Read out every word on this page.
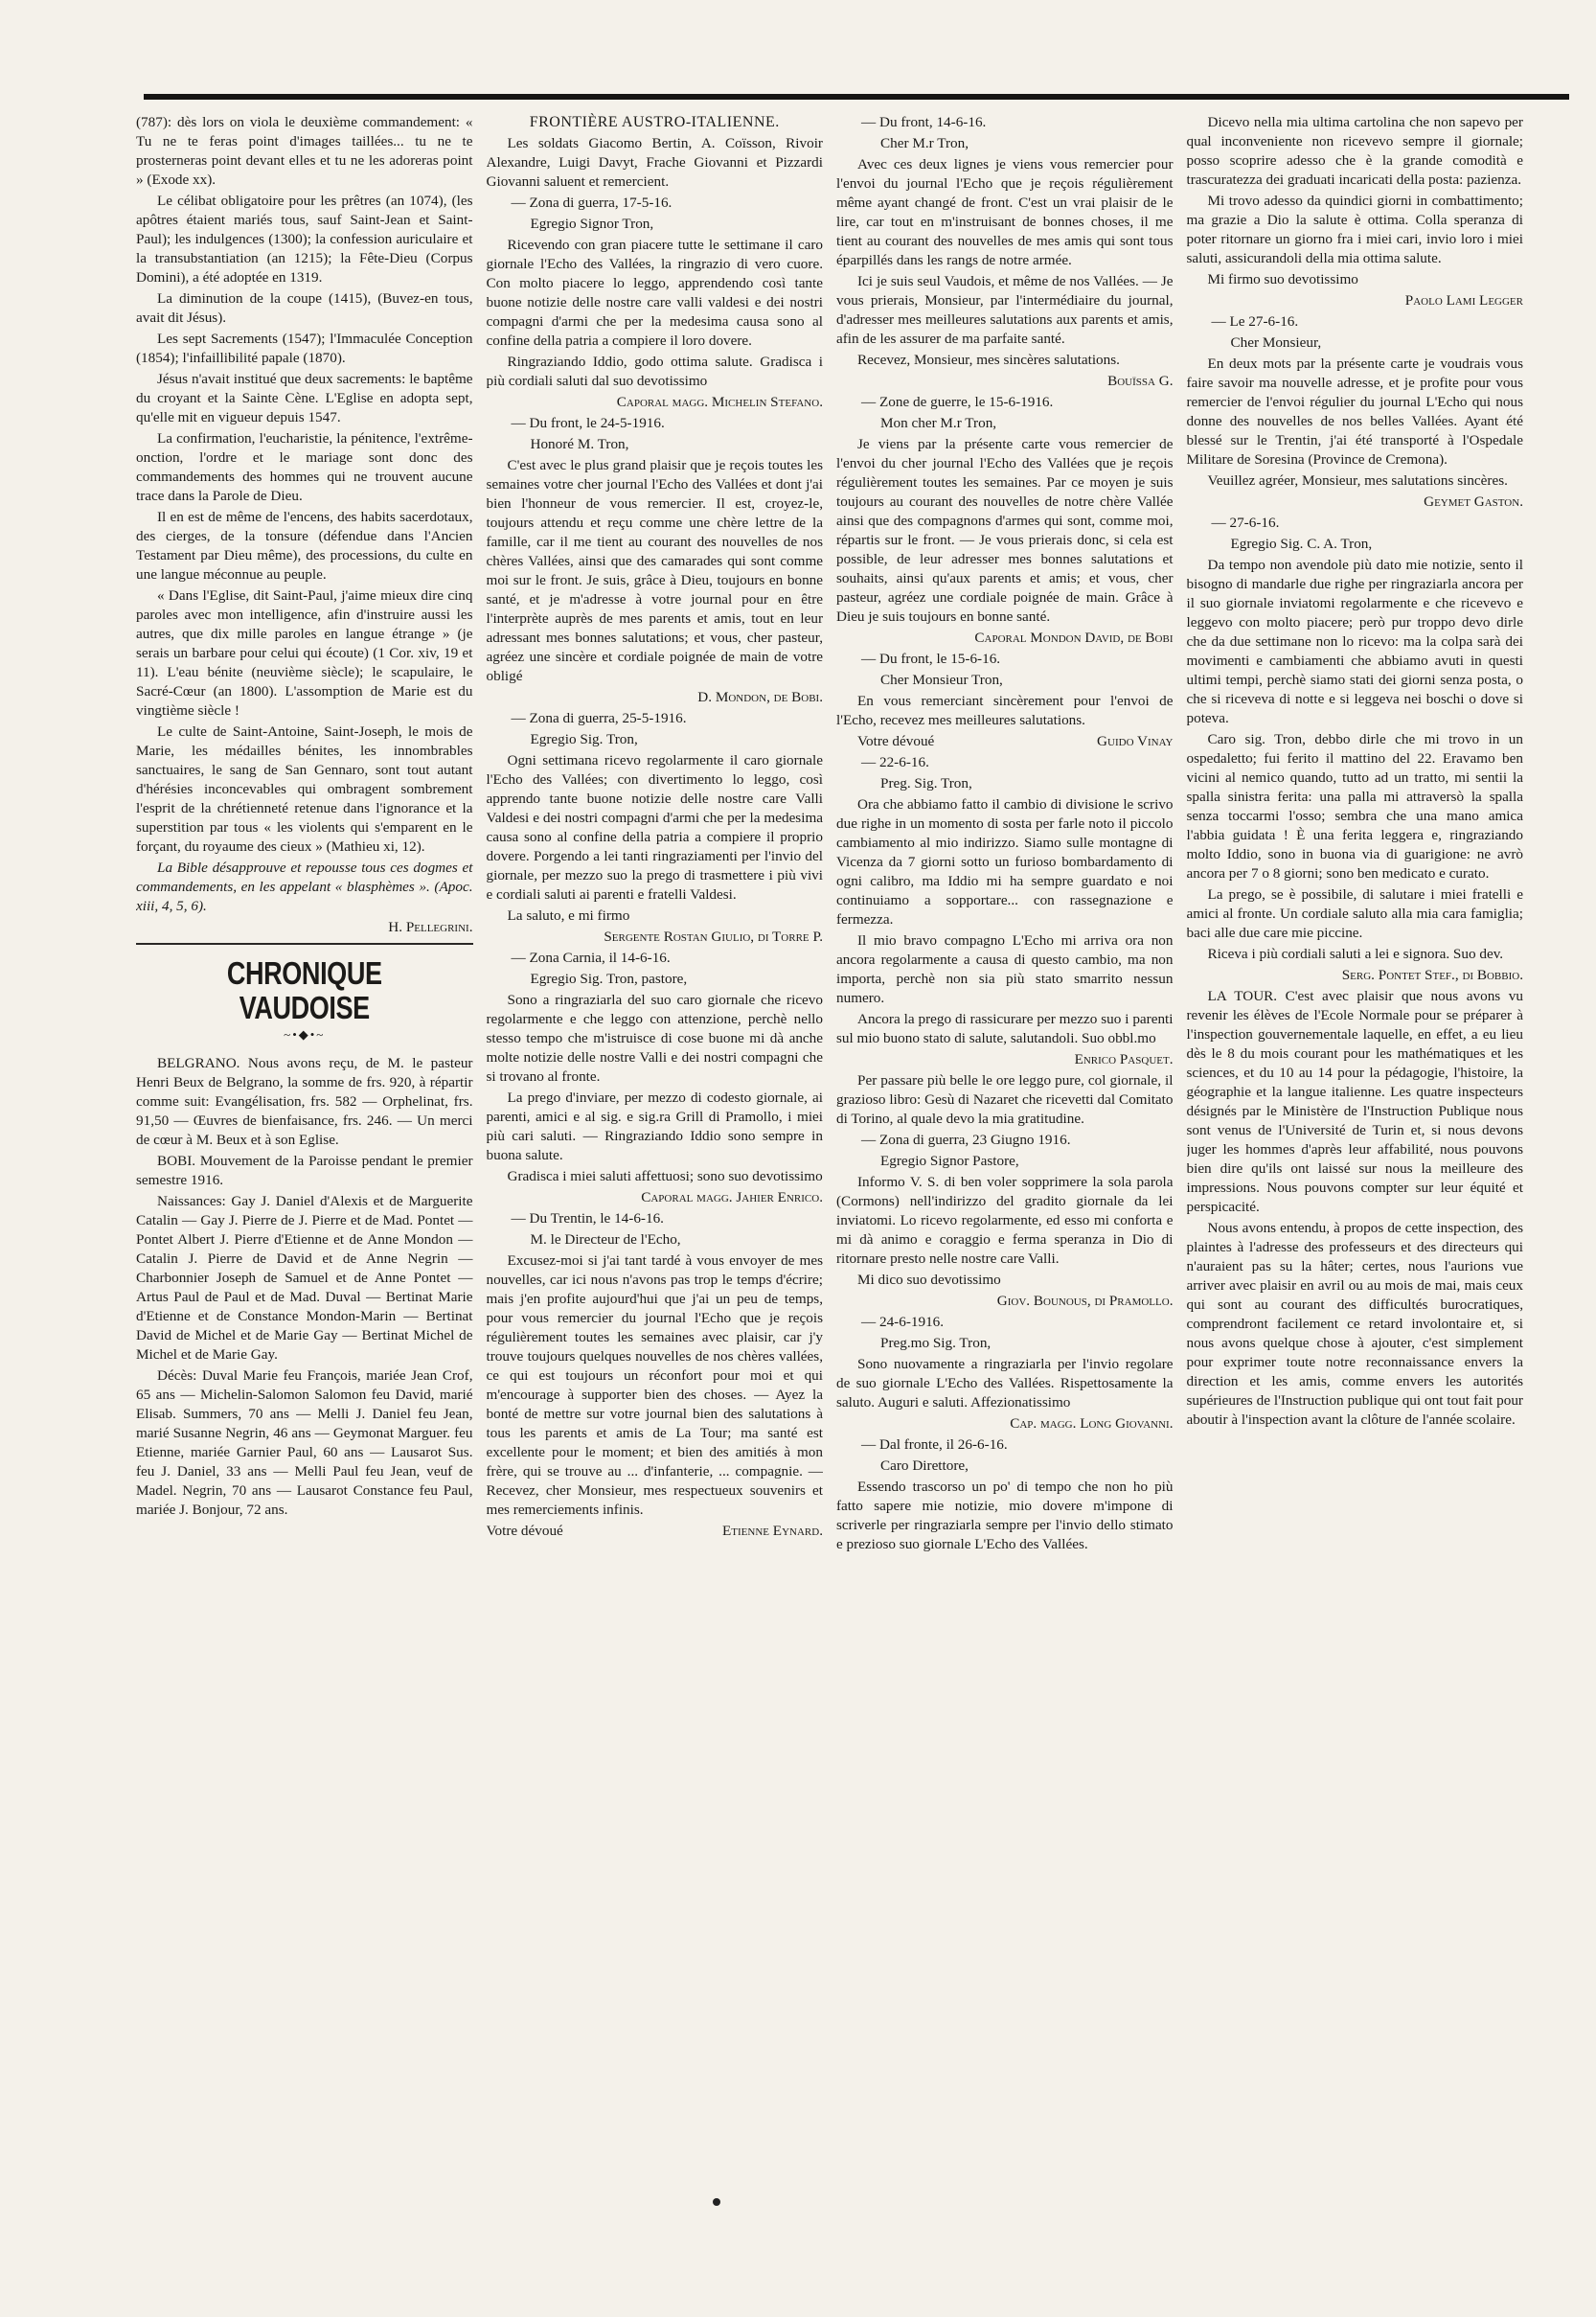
(787): dès lors on viola le deuxième commandement: « Tu ne te feras point d'images taillées... tu ne te prosterneras point devant elles et tu ne les adoreras point » (Exode xx).

Le célibat obligatoire pour les prêtres (an 1074), (les apôtres étaient mariés tous, sauf Saint-Jean et Saint-Paul); les indulgences (1300); la confession auriculaire et la transubstantiation (an 1215); la Fête-Dieu (Corpus Domini), a été adoptée en 1319.

La diminution de la coupe (1415), (Buvez-en tous, avait dit Jésus).

Les sept Sacrements (1547); l'Immaculée Conception (1854); l'infaillibilité papale (1870).

Jésus n'avait institué que deux sacrements: le baptême du croyant et la Sainte Cène. L'Eglise en adopta sept, qu'elle mit en vigueur depuis 1547.

La confirmation, l'eucharistie, la pénitence, l'extrême-onction, l'ordre et le mariage sont donc des commandements des hommes qui ne trouvent aucune trace dans la Parole de Dieu.

Il en est de même de l'encens, des habits sacerdotaux, des cierges, de la tonsure (défendue dans l'Ancien Testament par Dieu même), des processions, du culte en une langue méconnue au peuple.

« Dans l'Eglise, dit Saint-Paul, j'aime mieux dire cinq paroles avec mon intelligence, afin d'instruire aussi les autres, que dix mille paroles en langue étrange » (je serais un barbare pour celui qui écoute) (1 Cor. xiv, 19 et 11). L'eau bénite (neuvième siècle); le scapulaire, le Sacré-Cœur (an 1800). L'assomption de Marie est du vingtième siècle !

Le culte de Saint-Antoine, Saint-Joseph, le mois de Marie, les médailles bénites, les innombrables sanctuaires, le sang de San Gennaro, sont tout autant d'hérésies inconcevables qui ombragent sombrement l'esprit de la chrétienneté retenue dans l'ignorance et la superstition par tous « les violents qui s'emparent en le forçant, du royaume des cieux » (Mathieu xi, 12).

La Bible désapprouve et repousse tous ces dogmes et commandements, en les appelant « blasphèmes ». (Apoc. xiii, 4, 5, 6).

H. Pellegrini.

CHRONIQUE VAUDOISE
~•◆•~

BELGRANO. Nous avons reçu, de M. le pasteur Henri Beux de Belgrano, la somme de frs. 920, à répartir comme suit: Evangélisation, frs. 582 — Orphelinat, frs. 91,50 — Œuvres de bienfaisance, frs. 246. — Un merci de cœur à M. Beux et à son Eglise.

BOBI. Mouvement de la Paroisse pendant le premier semestre 1916.

Naissances: Gay J. Daniel d'Alexis et de Marguerite Catalin — Gay J. Pierre de J. Pierre et de Mad. Pontet — Pontet Albert J. Pierre d'Etienne et de Anne Mondon — Catalin J. Pierre de David et de Anne Negrin — Charbonnier Joseph de Samuel et de Anne Pontet — Artus Paul de Paul et de Mad. Duval — Bertinat Marie d'Etienne et de Constance Mondon-Marin — Bertinat David de Michel et de Marie Gay — Bertinat Michel de Michel et de Marie Gay.

Décès: Duval Marie feu François, mariée Jean Crof, 65 ans — Michelin-Salomon Salomon feu David, marié Elisab. Summers, 70 ans — Melli J. Daniel feu Jean, marié Susanne Negrin, 46 ans — Geymonat Marguer. feu Etienne, mariée Garnier Paul, 60 ans — Lausarot Sus. feu J. Daniel, 33 ans — Melli Paul feu Jean, veuf de Madel. Negrin, 70 ans — Lausarot Constance feu Paul, mariée J. Bonjour, 72 ans.

FRONTIÈRE AUSTRO-ITALIENNE.

Les soldats Giacomo Bertin, A. Coïsson, Rivoir Alexandre, Luigi Davyt, Frache Giovanni et Pizzardi Giovanni saluent et remercient.

— Zona di guerra, 17-5-16.

Egregio Signor Tron,

Ricevendo con gran piacere tutte le settimane il caro giornale l'Echo des Vallées, la ringrazio di vero cuore. Con molto piacere lo leggo, apprendendo così tante buone notizie delle nostre care valli valdesi e dei nostri compagni d'armi che per la medesima causa sono al confine della patria a compiere il loro dovere.

Ringraziando Iddio, godo ottima salute. Gradisca i più cordiali saluti dal suo devotissimo

Caporal magg. Michelin Stefano.

— Du front, le 24-5-1916.

Honoré M. Tron,

C'est avec le plus grand plaisir que je reçois toutes les semaines votre cher journal l'Echo des Vallées et dont j'ai bien l'honneur de vous remercier. Il est, croyez-le, toujours attendu et reçu comme une chère lettre de la famille, car il me tient au courant des nouvelles de nos chères Vallées, ainsi que des camarades qui sont comme moi sur le front. Je suis, grâce à Dieu, toujours en bonne santé, et je m'adresse à votre journal pour en être l'interprète auprès de mes parents et amis, tout en leur adressant mes bonnes salutations; et vous, cher pasteur, agréez une sincère et cordiale poignée de main de votre obligé

D. Mondon, de Bobi.

— Zona di guerra, 25-5-1916.

Egregio Sig. Tron,

Ogni settimana ricevo regolarmente il caro giornale l'Echo des Vallées; con divertimento lo leggo, così apprendo tante buone notizie delle nostre care Valli Valdesi e dei nostri compagni d'armi che per la medesima causa sono al confine della patria a compiere il proprio dovere. Porgendo a lei tanti ringraziamenti per l'invio del giornale, per mezzo suo la prego di trasmettere i più vivi e cordiali saluti ai parenti e fratelli Valdesi.

La saluto, e mi firmo

Sergente Rostan Giulio, di Torre P.

— Zona Carnia, il 14-6-16.

Egregio Sig. Tron, pastore,

Sono a ringraziarla del suo caro giornale che ricevo regolarmente e che leggo con attenzione, perchè nello stesso tempo che m'istruisce di cose buone mi dà anche molte notizie delle nostre Valli e dei nostri compagni che si trovano al fronte.

La prego d'inviare, per mezzo di codesto giornale, ai parenti, amici e al sig. e sig.ra Grill di Pramollo, i miei più cari saluti. — Ringraziando Iddio sono sempre in buona salute.

Gradisca i miei saluti affettuosi; sono suo devotissimo

Caporal magg. Jahier Enrico.

— Du Trentin, le 14-6-16.

M. le Directeur de l'Echo,

Excusez-moi si j'ai tant tardé à vous envoyer de mes nouvelles, car ici nous n'avons pas trop le temps d'écrire; mais j'en profite aujourd'hui que j'ai un peu de temps, pour vous remercier du journal l'Echo que je reçois régulièrement toutes les semaines avec plaisir, car j'y trouve toujours quelques nouvelles de nos chères vallées, ce qui est toujours un réconfort pour moi et qui m'encourage à supporter bien des choses. — Ayez la bonté de mettre sur votre journal bien des salutations à tous les parents et amis de La Tour; ma santé est excellente pour le moment; et bien des amitiés à mon frère, qui se trouve au ... d'infanterie, ... compagnie. — Recevez, cher Monsieur, mes respectueux souvenirs et mes remerciements infinis.

Votre dévoué	Etienne Eynard.

— Du front, 14-6-16.

Cher M.r Tron,

Avec ces deux lignes je viens vous remercier pour l'envoi du journal l'Echo que je reçois régulièrement même ayant changé de front. C'est un vrai plaisir de le lire, car tout en m'instruisant de bonnes choses, il me tient au courant des nouvelles de mes amis qui sont tous éparpillés dans les rangs de notre armée.

Ici je suis seul Vaudois, et même de nos Vallées. — Je vous prierais, Monsieur, par l'intermédiaire du journal, d'adresser mes meilleures salutations aux parents et amis, afin de les assurer de ma parfaite santé.

Recevez, Monsieur, mes sincères salutations.

Bouïssa G.

— Zone de guerre, le 15-6-1916.

Mon cher M.r Tron,

Je viens par la présente carte vous remercier de l'envoi du cher journal l'Echo des Vallées que je reçois régulièrement toutes les semaines. Par ce moyen je suis toujours au courant des nouvelles de notre chère Vallée ainsi que des compagnons d'armes qui sont, comme moi, répartis sur le front. — Je vous prierais donc, si cela est possible, de leur adresser mes bonnes salutations et souhaits, ainsi qu'aux parents et amis; et vous, cher pasteur, agréez une cordiale poignée de main. Grâce à Dieu je suis toujours en bonne santé.

Caporal Mondon David, de Bobi

— Du front, le 15-6-16.

Cher Monsieur Tron,

En vous remerciant sincèrement pour l'envoi de l'Echo, recevez mes meilleures salutations.

Votre dévoué	Guido Vinay

— 22-6-16.

Preg. Sig. Tron,

Ora che abbiamo fatto il cambio di divisione le scrivo due righe in un momento di sosta per farle noto il piccolo cambiamento al mio indirizzo. Siamo sulle montagne di Vicenza da 7 giorni sotto un furioso bombardamento di ogni calibro, ma Iddio mi ha sempre guardato e noi continuiamo a sopportare... con rassegnazione e fermezza.

Il mio bravo compagno L'Echo mi arriva ora non ancora regolarmente a causa di questo cambio, ma non importa, perchè non sia più stato smarrito nessun numero.

Ancora la prego di rassicurare per mezzo suo i parenti sul mio buono stato di salute, salutandoli. Suo obbl.mo

Enrico Pasquet.

Per passare più belle le ore leggo pure, col giornale, il grazioso libro: Gesù di Nazaret che ricevetti dal Comitato di Torino, al quale devo la mia gratitudine.

— Zona di guerra, 23 Giugno 1916.

Egregio Signor Pastore,

Informo V. S. di ben voler sopprimere la sola parola (Cormons) nell'indirizzo del gradito giornale da lei inviatomi. Lo ricevo regolarmente, ed esso mi conforta e mi dà animo e coraggio e ferma speranza in Dio di ritornare presto nelle nostre care Valli.

Mi dico suo devotissimo

Giov. Bounous, di Pramollo.

— 24-6-1916.

Preg.mo Sig. Tron,

Sono nuovamente a ringraziarla per l'invio regolare de suo giornale L'Echo des Vallées. Rispettosamente la saluto. Auguri e saluti. Affezionatissimo

Cap. magg. Long Giovanni.

— Dal fronte, il 26-6-16.

Caro Direttore,

Essendo trascorso un po' di tempo che non ho più fatto sapere mie notizie, mio dovere m'impone di scriverle per ringraziarla sempre per l'invio dello stimato e prezioso suo giornale L'Echo des Vallées.

Dicevo nella mia ultima cartolina che non sapevo per qual inconveniente non ricevevo sempre il giornale; posso scoprire adesso che è la grande comodità e trascuratezza dei graduati incaricati della posta: pazienza.

Mi trovo adesso da quindici giorni in combattimento; ma grazie a Dio la salute è ottima. Colla speranza di poter ritornare un giorno fra i miei cari, invio loro i miei saluti, assicurandoli della mia ottima salute.

Mi firmo suo devotissimo

Paolo Lami Legger

— Le 27-6-16.

Cher Monsieur,

En deux mots par la présente carte je voudrais vous faire savoir ma nouvelle adresse, et je profite pour vous remercier de l'envoi régulier du journal L'Echo qui nous donne des nouvelles de nos belles Vallées. Ayant été blessé sur le Trentin, j'ai été transporté à l'Ospedale Militare de Soresina (Province de Cremona).

Veuillez agréer, Monsieur, mes salutations sincères.

Geymet Gaston.

— 27-6-16.

Egregio Sig. C. A. Tron,

Da tempo non avendole più dato mie notizie, sento il bisogno di mandarle due righe per ringraziarla ancora per il suo giornale inviatomi regolarmente e che ricevevo e leggevo con molto piacere; però pur troppo devo dirle che da due settimane non lo ricevo: ma la colpa sarà dei movimenti e cambiamenti che abbiamo avuti in questi ultimi tempi, perchè siamo stati dei giorni senza posta, o che si riceveva di notte e si leggeva nei boschi o dove si poteva.

Caro sig. Tron, debbo dirle che mi trovo in un ospedaletto; fui ferito il mattino del 22. Eravamo ben vicini al nemico quando, tutto ad un tratto, mi sentii la spalla sinistra ferita: una palla mi attraversò la spalla senza toccarmi l'osso; sembra che una mano amica l'abbia guidata ! È una ferita leggera e, ringraziando molto Iddio, sono in buona via di guarigione: ne avrò ancora per 7 o 8 giorni; sono ben medicato e curato.

La prego, se è possibile, di salutare i miei fratelli e amici al fronte. Un cordiale saluto alla mia cara famiglia; baci alle due care mie piccine.

Riceva i più cordiali saluti a lei e signora. Suo dev.

Serg. Pontet Stef., di Bobbio.

LA TOUR. C'est avec plaisir que nous avons vu revenir les élèves de l'Ecole Normale pour se préparer à l'inspection gouvernementale laquelle, en effet, a eu lieu dès le 8 du mois courant pour les mathématiques et les sciences, et du 10 au 14 pour la pédagogie, l'histoire, la géographie et la langue italienne. Les quatre inspecteurs désignés par le Ministère de l'Instruction Publique nous sont venus de l'Université de Turin et, si nous devons juger les hommes d'après leur affabilité, nous pouvons bien dire qu'ils ont laissé sur nous la meilleure des impressions. Nous pouvons compter sur leur équité et perspicacité.

Nous avons entendu, à propos de cette inspection, des plaintes à l'adresse des professeurs et des directeurs qui n'auraient pas su la hâter; certes, nous l'aurions vue arriver avec plaisir en avril ou au mois de mai, mais ceux qui sont au courant des difficultés burocratiques, comprendront facilement ce retard involontaire et, si nous avons quelque chose à ajouter, c'est simplement pour exprimer toute notre reconnaissance envers la direction et les amis, comme envers les autorités supérieures de l'Instruction publique qui ont tout fait pour aboutir à l'inspection avant la clôture de l'année scolaire.
